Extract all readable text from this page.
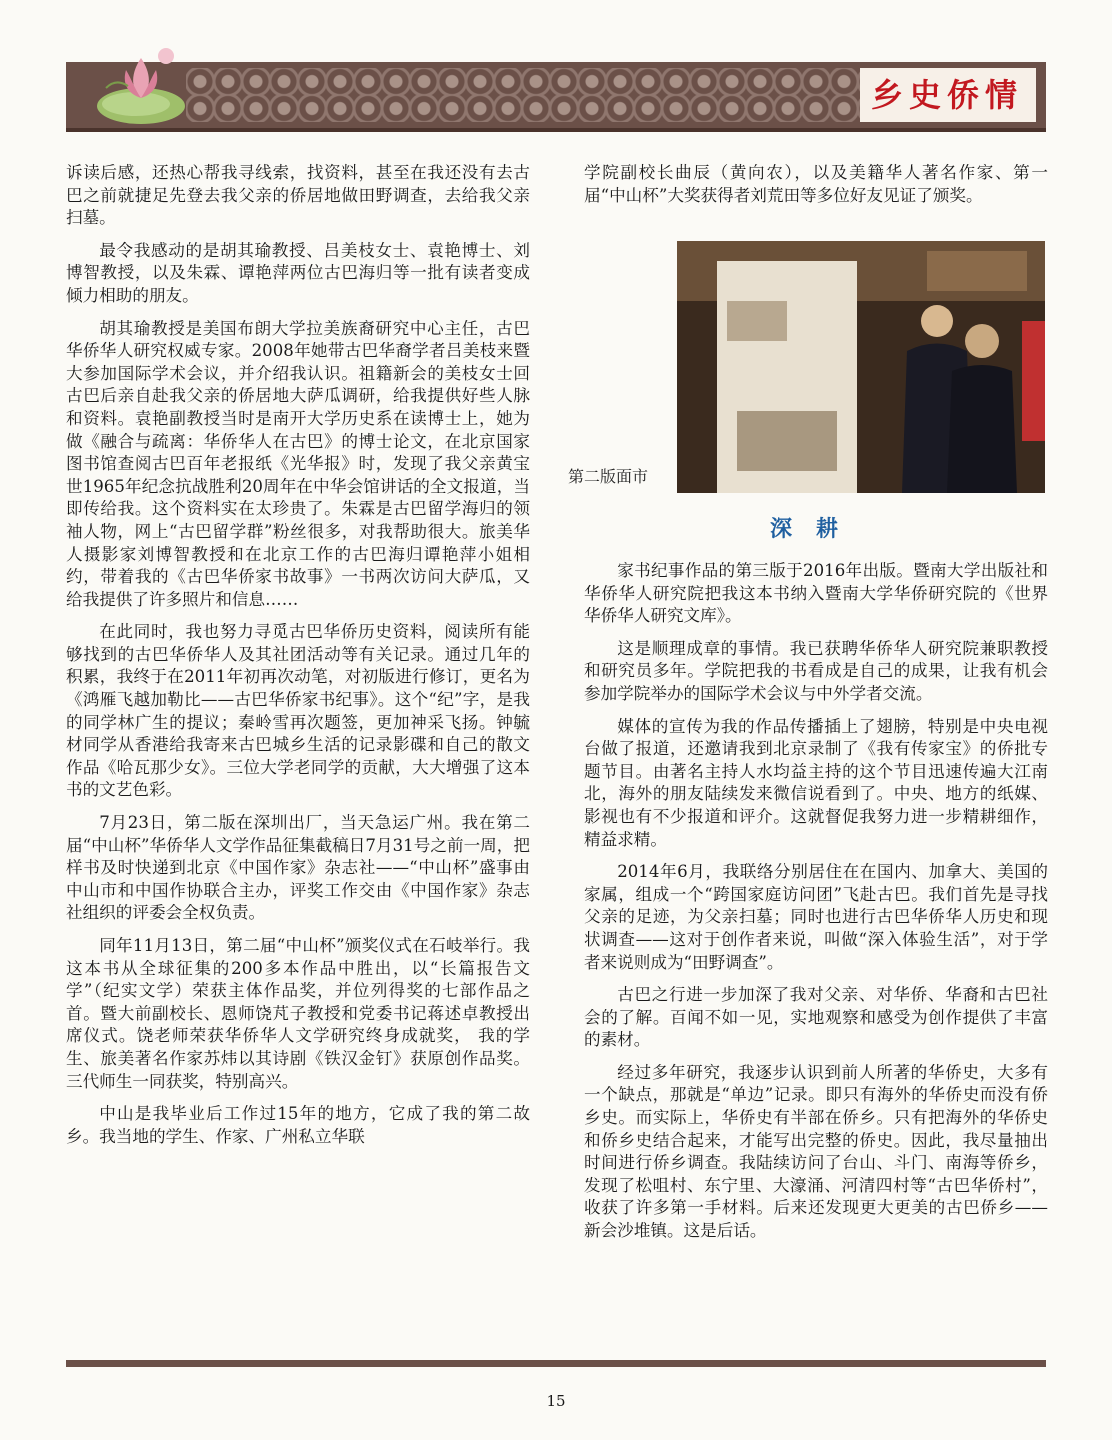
乡史侨情

诉读后感，还热心帮我寻线索，找资料，甚至在我还没有去古巴之前就捷足先登去我父亲的侨居地做田野调查，去给我父亲扫墓。

最令我感动的是胡其瑜教授、吕美枝女士、袁艳博士、刘博智教授，以及朱霖、谭艳萍两位古巴海归等一批有读者变成倾力相助的朋友。

胡其瑜教授是美国布朗大学拉美族裔研究中心主任，古巴华侨华人研究权威专家。2008年她带古巴华裔学者吕美枝来暨大参加国际学术会议，并介绍我认识。祖籍新会的美枝女士回古巴后亲自赴我父亲的侨居地大萨瓜调研，给我提供好些人脉和资料。袁艳副教授当时是南开大学历史系在读博士上，她为做《融合与疏离：华侨华人在古巴》的博士论文，在北京国家图书馆查阅古巴百年老报纸《光华报》时，发现了我父亲黄宝世1965年纪念抗战胜利20周年在中华会馆讲话的全文报道，当即传给我。这个资料实在太珍贵了。朱霖是古巴留学海归的领袖人物，网上“古巴留学群”粉丝很多，对我帮助很大。旅美华人摄影家刘博智教授和在北京工作的古巴海归谭艳萍小姐相约，带着我的《古巴华侨家书故事》一书两次访问大萨瓜，又给我提供了许多照片和信息……

在此同时，我也努力寻觅古巴华侨历史资料，阅读所有能够找到的古巴华侨华人及其社团活动等有关记录。通过几年的积累，我终于在2011年初再次动笔，对初版进行修订，更名为《鸿雁飞越加勒比——古巴华侨家书纪事》。这个“纪”字，是我的同学林广生的提议；秦岭雪再次题签，更加神采飞扬。钟毓材同学从香港给我寄来古巴城乡生活的记录影碟和自己的散文作品《哈瓦那少女》。三位大学老同学的贡献，大大增强了这本书的文艺色彩。

7月23日，第二版在深圳出厂，当天急运广州。我在第二届“中山杯”华侨华人文学作品征集截稿日7月31号之前一周，把样书及时快递到北京《中国作家》杂志社——“中山杯”盛事由中山市和中国作协联合主办，评奖工作交由《中国作家》杂志社组织的评委会全权负责。

同年11月13日，第二届“中山杯”颁奖仪式在石岐举行。我这本书从全球征集的200多本作品中胜出，以“长篇报告文学”（纪实文学）荣获主体作品奖，并位列得奖的七部作品之首。暨大前副校长、恩师饶芃子教授和党委书记蒋述卓教授出席仪式。饶老师荣获华侨华人文学研究终身成就奖， 我的学生、旅美著名作家苏炜以其诗剧《铁汉金钉》获原创作品奖。三代师生一同获奖，特别高兴。

中山是我毕业后工作过15年的地方，它成了我的第二故乡。我当地的学生、作家、广州私立华联

学院副校长曲辰（黄向农），以及美籍华人著名作家、第一届“中山杯”大奖获得者刘荒田等多位好友见证了颁奖。

第二版面市
深耕

家书纪事作品的第三版于2016年出版。暨南大学出版社和华侨华人研究院把我这本书纳入暨南大学华侨研究院的《世界华侨华人研究文库》。

这是顺理成章的事情。我已获聘华侨华人研究院兼职教授和研究员多年。学院把我的书看成是自己的成果，让我有机会参加学院举办的国际学术会议与中外学者交流。

媒体的宣传为我的作品传播插上了翅膀，特别是中央电视台做了报道，还邀请我到北京录制了《我有传家宝》的侨批专题节目。由著名主持人水均益主持的这个节目迅速传遍大江南北，海外的朋友陆续发来微信说看到了。中央、地方的纸媒、影视也有不少报道和评介。这就督促我努力进一步精耕细作，精益求精。

2014年6月，我联络分别居住在在国内、加拿大、美国的家属，组成一个“跨国家庭访问团”飞赴古巴。我们首先是寻找父亲的足迹，为父亲扫墓；同时也进行古巴华侨华人历史和现状调查——这对于创作者来说，叫做“深入体验生活”，对于学者来说则成为“田野调查”。

古巴之行进一步加深了我对父亲、对华侨、华裔和古巴社会的了解。百闻不如一见，实地观察和感受为创作提供了丰富的素材。

经过多年研究，我逐步认识到前人所著的华侨史，大多有一个缺点，那就是“单边”记录。即只有海外的华侨史而没有侨乡史。而实际上，华侨史有半部在侨乡。只有把海外的华侨史和侨乡史结合起来，才能写出完整的侨史。因此，我尽量抽出时间进行侨乡调查。我陆续访问了台山、斗门、南海等侨乡，发现了松咀村、东宁里、大濠涌、河清四村等“古巴华侨村”，收获了许多第一手材料。后来还发现更大更美的古巴侨乡——新会沙堆镇。这是后话。

15
